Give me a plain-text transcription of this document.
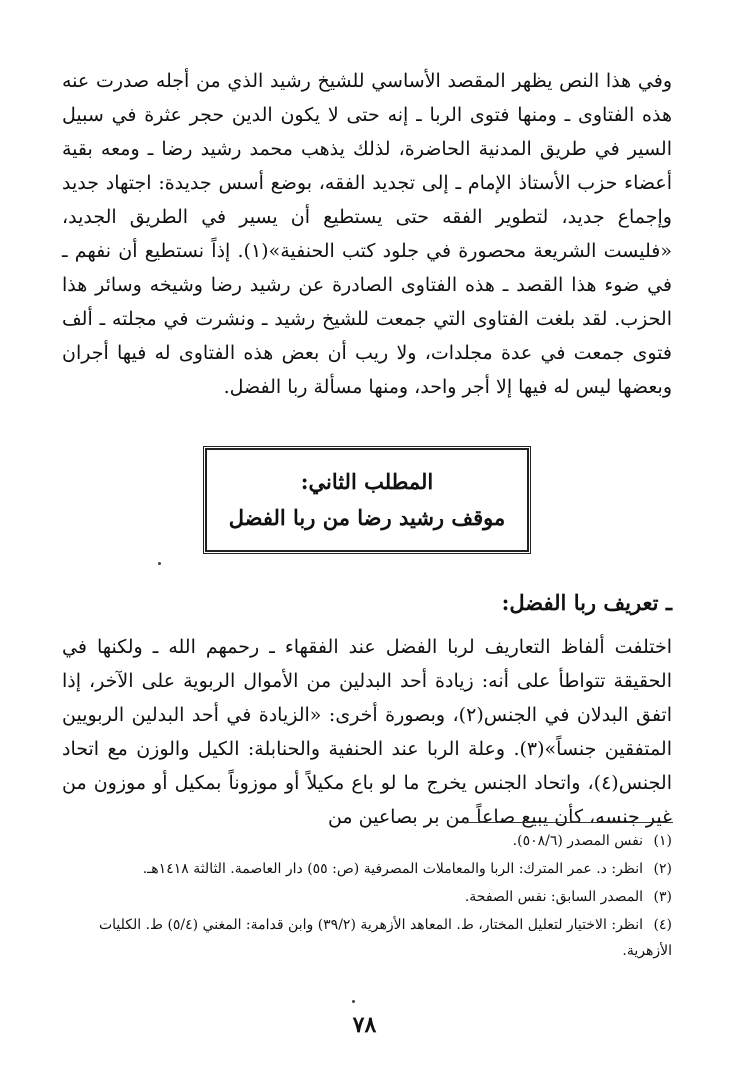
وفي هذا النص يظهر المقصد الأساسي للشيخ رشيد الذي من أجله صدرت عنه هذه الفتاوى ـ ومنها فتوى الربا ـ إنه حتى لا يكون الدين حجر عثرة في سبيل السير في طريق المدنية الحاضرة، لذلك يذهب محمد رشيد رضا ـ ومعه بقية أعضاء حزب الأستاذ الإمام ـ إلى تجديد الفقه، بوضع أسس جديدة: اجتهاد جديد وإجماع جديد، لتطوير الفقه حتى يستطيع أن يسير في الطريق الجديد، «فليست الشريعة محصورة في جلود كتب الحنفية»(١). إذاً نستطيع أن نفهم ـ في ضوء هذا القصد ـ هذه الفتاوى الصادرة عن رشيد رضا وشيخه وسائر هذا الحزب. لقد بلغت الفتاوى التي جمعت للشيخ رشيد ـ ونشرت في مجلته ـ ألف فتوى جمعت في عدة مجلدات، ولا ريب أن بعض هذه الفتاوى له فيها أجران وبعضها ليس له فيها إلا أجر واحد، ومنها مسألة ربا الفضل.

المطلب الثاني:
موقف رشيد رضا من ربا الفضل
ـ تعريف ربا الفضل:

اختلفت ألفاظ التعاريف لربا الفضل عند الفقهاء ـ رحمهم الله ـ ولكنها في الحقيقة تتواطأ على أنه: زيادة أحد البدلين من الأموال الربوية على الآخر، إذا اتفق البدلان في الجنس(٢)، وبصورة أخرى: «الزيادة في أحد البدلين الربويين المتفقين جنساً»(٣). وعلة الربا عند الحنفية والحنابلة: الكيل والوزن مع اتحاد الجنس(٤)، واتحاد الجنس يخرج ما لو باع مكيلاً أو موزوناً بمكيل أو موزون من غير جنسه، كأن يبيع صاعاً من بر بصاعين من

(١) نفس المصدر (٥٠٨/٦).
(٢) انظر: د. عمر المترك: الربا والمعاملات المصرفية (ص: ٥٥) دار العاصمة. الثالثة ١٤١٨هـ.
(٣) المصدر السابق: نفس الصفحة.
(٤) انظر: الاختيار لتعليل المختار، ط. المعاهد الأزهرية (٣٩/٢) وابن قدامة: المغني (٥/٤) ط. الكليات الأزهرية.
٧٨
